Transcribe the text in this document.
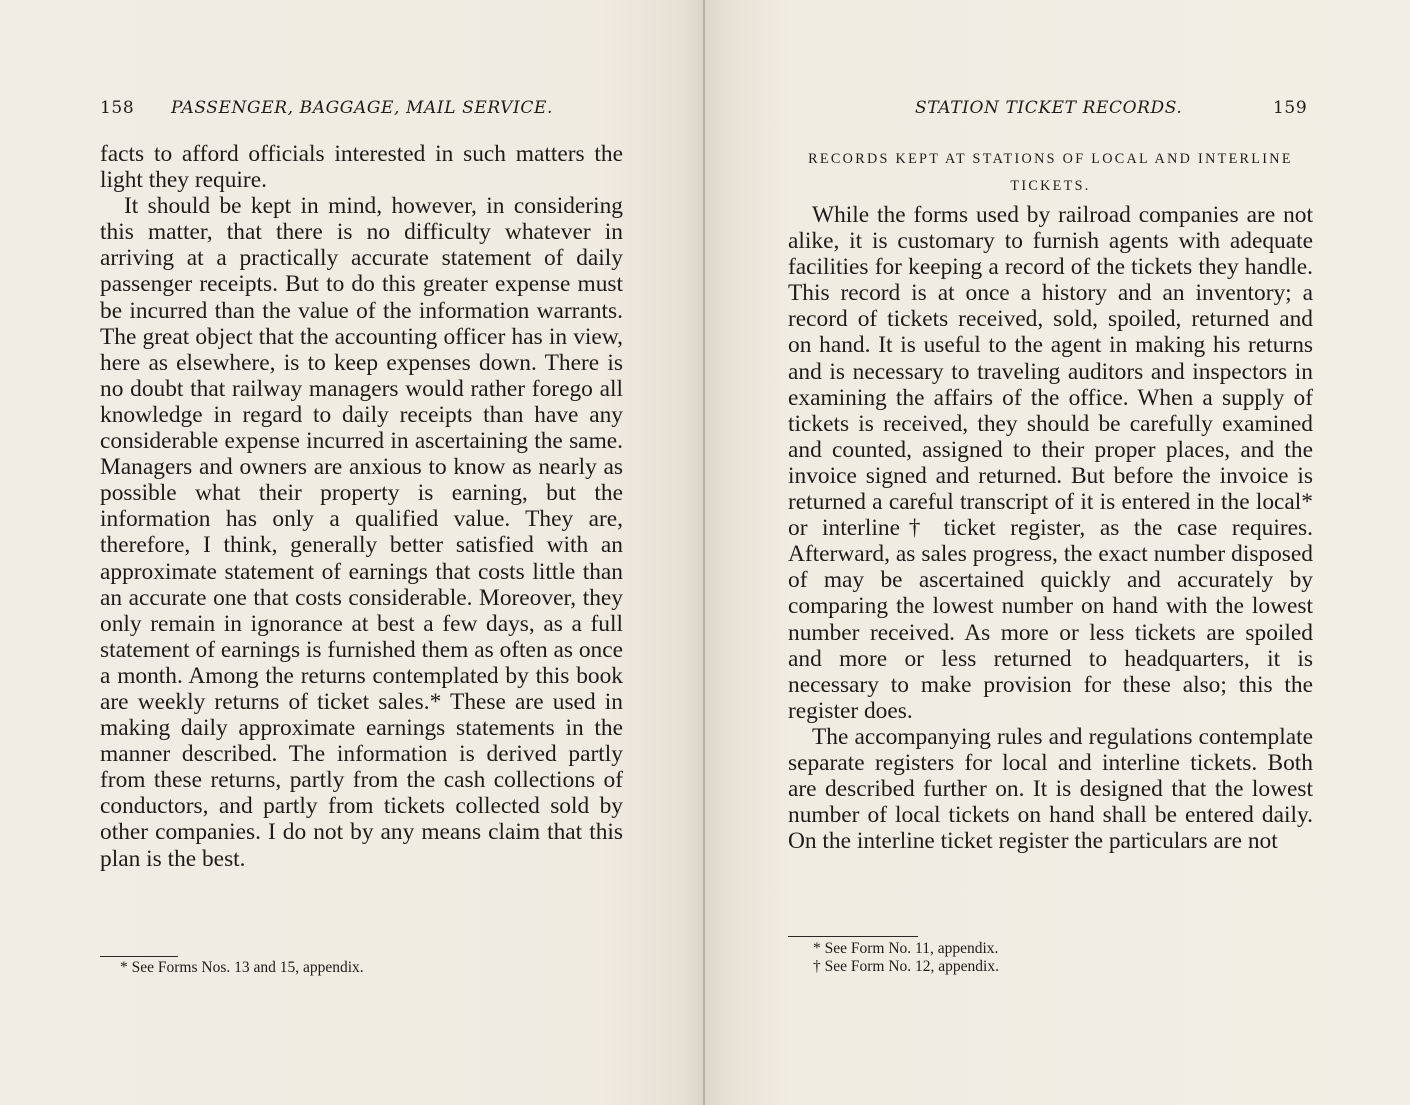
158 PASSENGER, BAGGAGE, MAIL SERVICE.

facts to afford officials interested in such matters the light they require.

It should be kept in mind, however, in considering this matter, that there is no difficulty whatever in arriving at a practically accurate statement of daily passenger receipts. But to do this greater expense must be incurred than the value of the information warrants. The great object that the accounting officer has in view, here as elsewhere, is to keep expenses down. There is no doubt that railway managers would rather forego all knowledge in regard to daily receipts than have any considerable expense incurred in ascertaining the same. Managers and owners are anxious to know as nearly as possible what their property is earning, but the information has only a qualified value. They are, therefore, I think, generally better satisfied with an approximate statement of earnings that costs little than an accurate one that costs considerable. Moreover, they only remain in ignorance at best a few days, as a full statement of earnings is furnished them as often as once a month. Among the returns contemplated by this book are weekly returns of ticket sales.* These are used in making daily approximate earnings statements in the manner described. The information is derived partly from these returns, partly from the cash collections of conductors, and partly from tickets collected sold by other companies. I do not by any means claim that this plan is the best.

* See Forms Nos. 13 and 15, appendix.
STATION TICKET RECORDS.	159
RECORDS KEPT AT STATIONS OF LOCAL AND INTERLINE TICKETS.

While the forms used by railroad companies are not alike, it is customary to furnish agents with adequate facilities for keeping a record of the tickets they handle. This record is at once a history and an inventory; a record of tickets received, sold, spoiled, returned and on hand. It is useful to the agent in making his returns and is necessary to traveling auditors and inspectors in examining the affairs of the office. When a supply of tickets is received, they should be carefully examined and counted, assigned to their proper places, and the invoice signed and returned. But before the invoice is returned a careful transcript of it is entered in the local* or interline† ticket register, as the case requires. Afterward, as sales progress, the exact number disposed of may be ascertained quickly and accurately by comparing the lowest number on hand with the lowest number received. As more or less tickets are spoiled and more or less returned to headquarters, it is necessary to make provision for these also; this the register does.

The accompanying rules and regulations contemplate separate registers for local and interline tickets. Both are described further on. It is designed that the lowest number of local tickets on hand shall be entered daily. On the interline ticket register the particulars are not

* See Form No. 11, appendix.
† See Form No. 12, appendix.
